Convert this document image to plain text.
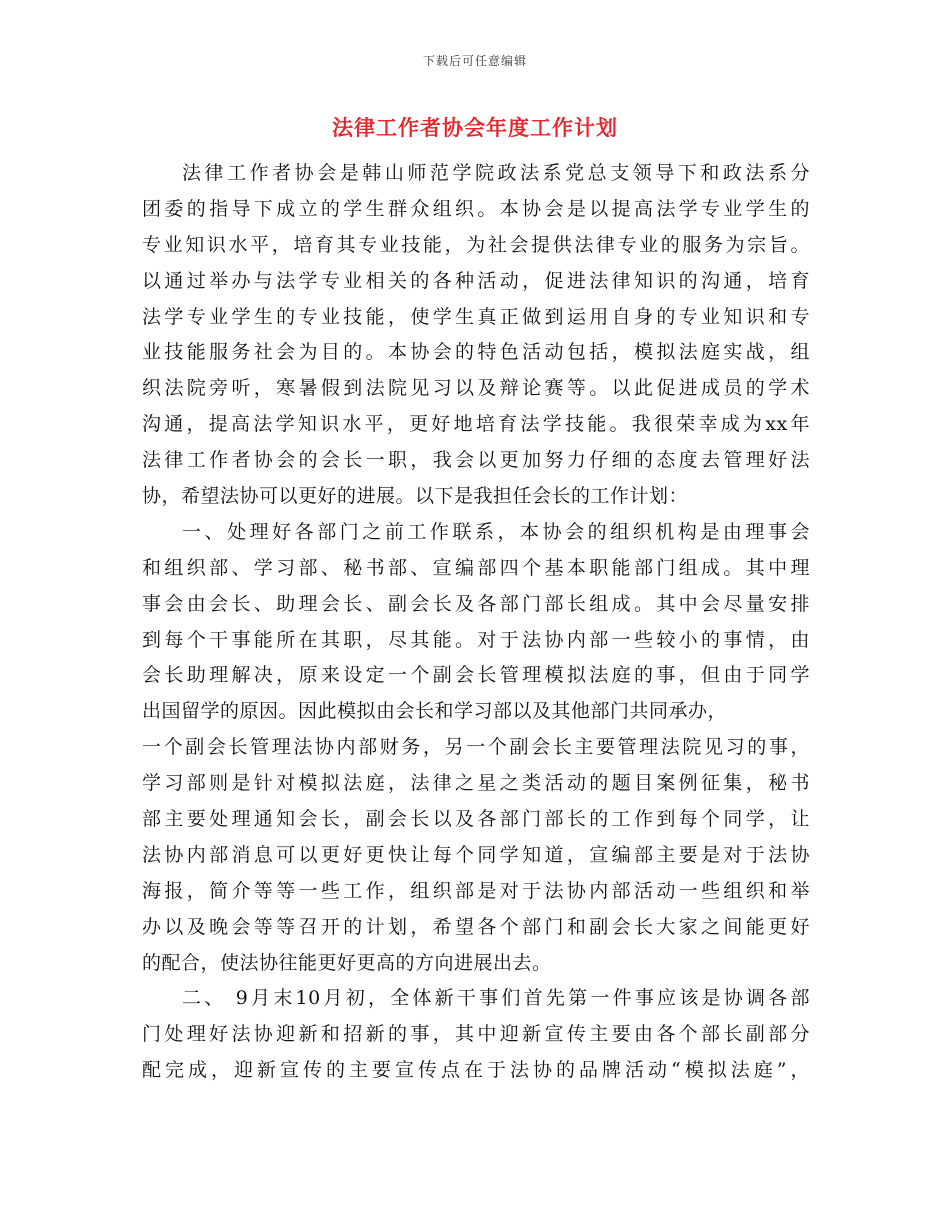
下载后可任意编辑
法律工作者协会年度工作计划
法律工作者协会是韩山师范学院政法系党总支领导下和政法系分
团委的指导下成立的学生群众组织。本协会是以提高法学专业学生的
专业知识水平，培育其专业技能，为社会提供法律专业的服务为宗旨。
以通过举办与法学专业相关的各种活动，促进法律知识的沟通，培育
法学专业学生的专业技能，使学生真正做到运用自身的专业知识和专
业技能服务社会为目的。本协会的特色活动包括，模拟法庭实战，组
织法院旁听，寒暑假到法院见习以及辩论赛等。以此促进成员的学术
沟通，提高法学知识水平，更好地培育法学技能。我很荣幸成为xx年
法律工作者协会的会长一职，我会以更加努力仔细的态度去管理好法
协，希望法协可以更好的进展。以下是我担任会长的工作计划：
一、处理好各部门之前工作联系，本协会的组织机构是由理事会
和组织部、学习部、秘书部、宣编部四个基本职能部门组成。其中理
事会由会长、助理会长、副会长及各部门部长组成。其中会尽量安排
到每个干事能所在其职，尽其能。对于法协内部一些较小的事情，由
会长助理解决，原来设定一个副会长管理模拟法庭的事，但由于同学
出国留学的原因。因此模拟由会长和学习部以及其他部门共同承办，
一个副会长管理法协内部财务，另一个副会长主要管理法院见习的事，
学习部则是针对模拟法庭，法律之星之类活动的题目案例征集，秘书
部主要处理通知会长，副会长以及各部门部长的工作到每个同学，让
法协内部消息可以更好更快让每个同学知道，宣编部主要是对于法协
海报，简介等等一些工作，组织部是对于法协内部活动一些组织和举
办以及晚会等等召开的计划，希望各个部门和副会长大家之间能更好
的配合，使法协往能更好更高的方向进展出去。
二、 9月末10月初，全体新干事们首先第一件事应该是协调各部
门处理好法协迎新和招新的事，其中迎新宣传主要由各个部长副部分
配完成，迎新宣传的主要宣传点在于法协的品牌活动“模拟法庭”，
